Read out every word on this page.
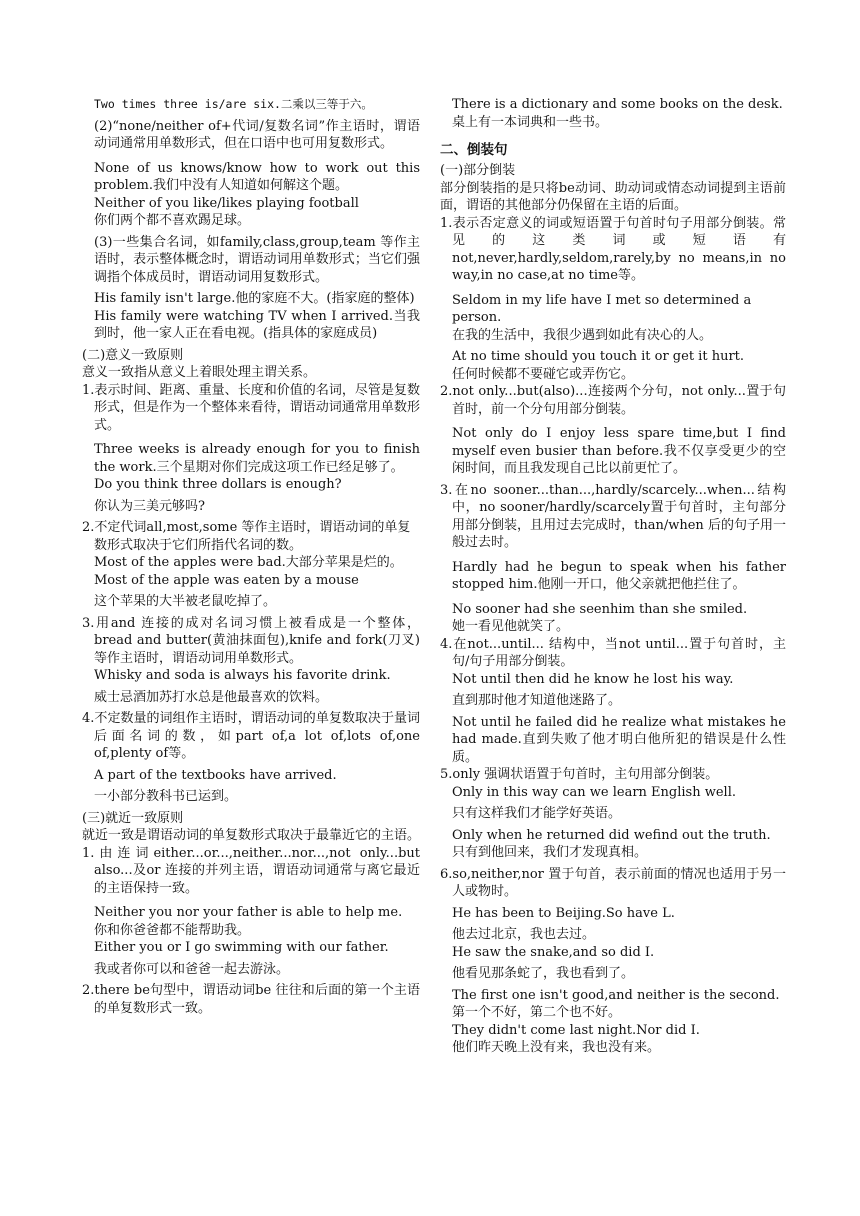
Two times three is/are six.二乘以三等于六。
(2)“none/neither of+代词/复数名词”作主语时，谓语动词通常用单数形式，但在口语中也可用复数形式。
None of us knows/know how to work out this problem.我们中没有人知道如何解这个题。
Neither of you like/likes playing football
你们两个都不喜欢踢足球。
(3)一些集合名词，如family,class,group,team 等作主语时，表示整体概念时，谓语动词用单数形式；当它们强调指个体成员时，谓语动词用复数形式。
His family isn't large.他的家庭不大。(指家庭的整体)
His family were watching TV when I arrived.当我到时，他一家人正在看电视。(指具体的家庭成员)
(二)意义一致原则
意义一致指从意义上着眼处理主谓关系。
1.表示时间、距离、重量、长度和价值的名词，尽管是复数形式，但是作为一个整体来看待，谓语动词通常用单数形式。
Three weeks is already enough for you to finish the work.三个星期对你们完成这项工作已经足够了。
Do you think three dollars is enough?
你认为三美元够吗?
2.不定代词all,most,some 等作主语时，谓语动词的单复数形式取决于它们所指代名词的数。
Most of the apples were bad.大部分苹果是烂的。
Most of the apple was eaten by a mouse
这个苹果的大半被老鼠吃掉了。
3.用and 连接的成对名词习惯上被看成是一个整体，bread and butter(黄油抹面包),knife and fork(刀叉)等作主语时，谓语动词用单数形式。
Whisky and soda is always his favorite drink.
威士忌酒加苏打水总是他最喜欢的饮料。
4.不定数量的词组作主语时，谓语动词的单复数取决于量词后面名词的数，如part of,a lot of,lots of,one of,plenty of等。
A part of the textbooks have arrived.
一小部分教科书已运到。
(三)就近一致原则
就近一致是谓语动词的单复数形式取决于最靠近它的主语。
1.由连词either...or...,neither...nor...,not only...but also...及or 连接的并列主语，谓语动词通常与离它最近的主语保持一致。
Neither you nor your father is able to help me.
你和你爸爸都不能帮助我。
Either you or I go swimming with our father.
我或者你可以和爸爸一起去游泳。
2.there be句型中，谓语动词be 往往和后面的第一个主语的单复数形式一致。
There is a dictionary and some books on the desk.
桌上有一本词典和一些书。
二、倒装句
(一)部分倒装
部分倒装指的是只将be动词、助动词或情态动词提到主语前面，谓语的其他部分仍保留在主语的后面。
1.表示否定意义的词或短语置于句首时句子用部分倒装。常见的这类词或短语有 not,never,hardly,seldom,rarely,by no means,in no way,in no case,at no time等。
Seldom in my life have I met so determined a person.
在我的生活中，我很少遇到如此有决心的人。
At no time should you touch it or get it hurt.
任何时候都不要碰它或弄伤它。
2.not only...but(also)...连接两个分句，not only...置于句首时，前一个分句用部分倒装。
Not only do I enjoy less spare time,but I find myself even busier than before.我不仅享受更少的空闲时间，而且我发现自己比以前更忙了。
3.在no sooner...than...,hardly/scarcely...when...结构中，no sooner/hardly/scarcely置于句首时，主句部分用部分倒装，且用过去完成时，than/when 后的句子用一般过去时。
Hardly had he begun to speak when his father stopped him.他刚一开口，他父亲就把他拦住了。
No sooner had she seenhim than she smiled.
她一看见他就笑了。
4.在not...until... 结构中，当not until...置于句首时，主句/句子用部分倒装。
Not until then did he know he lost his way.
直到那时他才知道他迷路了。
Not until he failed did he realize what mistakes he had made.直到失败了他才明白他所犯的错误是什么性质。
5.only 强调状语置于句首时，主句用部分倒装。
Only in this way can we learn English well.
只有这样我们才能学好英语。
Only when he returned did wefind out the truth.
只有到他回来，我们才发现真相。
6.so,neither,nor 置于句首，表示前面的情况也适用于另一人或物时。
He has been to Beijing.So have L.
他去过北京，我也去过。
He saw the snake,and so did I.
他看见那条蛇了，我也看到了。
The first one isn't good,and neither is the second.
第一个不好，第二个也不好。
They didn't come last night.Nor did I.
他们昨天晚上没有来，我也没有来。
